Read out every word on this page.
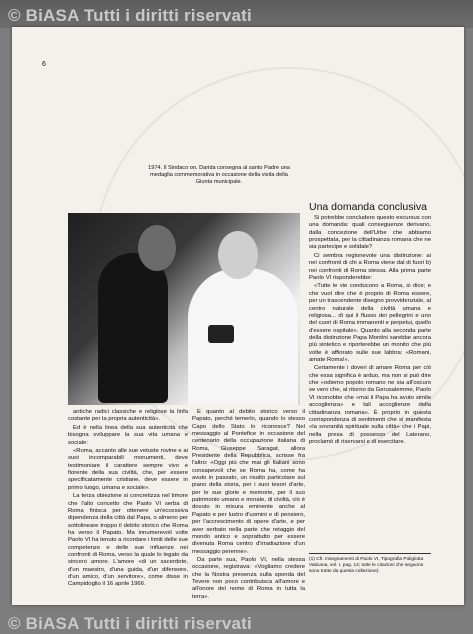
© BiASA Tutti i diritti riservati
6

1974. Il Sindaco on. Darida consegna al santo Padre una medaglia commemorativa in occasione della visita della Giunta municipale.

antiche radici classiche e religiose la linfa costante per la propria autenticità».

Ed è nella linea della sua autenticità che bisogna sviluppare la sua vita umana e sociale:

«Roma, accanto alle sue vetuste rovine e ai suoi incomparabili monumenti, deve testimoniare il carattere sempre vivo e fiorente della sua civiltà, che, per essere specificatamente cristiane, deve essere in primo luogo, umana e sociale».

La terza obiezione si concretizza nel timore che l'alto concetto che Paolo VI serba di Roma finisca per ottenere un'eccessiva dipendenza della città dal Papa, o almeno per sottolineare troppo il debito storico che Roma ha verso il Papato. Ma innumerevoli volte Paolo VI ha tenuto a ricordare i limiti delle sue competenze e delle sue influenze nei confronti di Roma, verso la quale lo legato da sincero amore. L'amore «di un sacerdote, d'un maestro, d'una guida, d'un difensore, d'un amico, d'un servitore», come disse in Campidoglio il 16 aprile 1966.

E quanto al debito storico verso il Papato, perché temerlo, quando lo stesso Capo dello Stato lo riconosce? Nel messaggio al Pontefice in occasione del centenario della occupazione italiana di Roma, Giuseppe Saragat, allora Presidente della Repubblica, scrisse fra l'altro: «Oggi più che mai gli Italiani sono consapevoli che se Roma ha, come ha avuto in passato, un risalto particolare sul piano della storia, per i suoi tesori d'arte, per le sue glorie e memorie, per il suo patrimonio umano e morale, di civiltà, ciò è dovuto in misura eminente anche al Papato e per lustro d'uomini e di pensiero, per l'accrescimento di opere d'arte, e per aver serbato nella parte che retaggio del mondo antico e soprattutto per essere divenuta Roma centro d'irradiazione d'un messaggio perenne».

Da parte sua, Paolo VI, nella stessa occasione, registrava: «Vogliamo credere che la Nostra presenza sulla sponda del Tevere non poco contribuisca all'amore e all'onore del nome di Roma in tutta la terra».

Una domanda conclusiva

Si potrebbe concludere questo excursus con una domanda: quali conseguenze derivano, dalla concezione dell'Urbe che abbiamo prospettata, per la cittadinanza romana che ne sia partecipe e solidale?

Ci sembra regionevole una distinzione: ai nei confronti di chi a Roma viene dal di fuori b) nei confronti di Roma stessa. Alla prima parte Paolo VI risponderebbe:

«Tutte le vie conducono a Roma, si dice; e che vuol dire che è proprio di Roma essere, per un trascendente disegno provvidenziale, al centro naturale della civiltà umana e religiosa... di qui il flusso dei pellegrini e uno del cuori di Roma immanenti e perpetui, quello d'essere ospitale». Quanto alla seconda parte della distinzione Papa Montini sarebbe ancora più sintetico e riporterebbe un monito che più volte è affiorato sulle sue labbra: «Romani, amate Roma!».

Certamente i doveri di amare Roma per ciò che essa significa è arduo, ma non si può dire che «odierno popolo romano ne sia all'oscuro se vero che, al ritorno da Gerusalemme, Paolo VI riconobbe che «mai il Papa ha avuto simile accoglienza» e tali accoglienze della cittadinanza romana». È proprio in questa corrispondenza di sentimenti che si manifesta «la sovranità spirituale sulla città» che i Papi, nella presa di possesso del Laterano, proclamò di riservarsi e di esercitare.

(1) Cfr. Insegnamenti di Paolo VI, Tipografia Poliglotta Vaticana, vol. I, pag. 14; tutte le citazioni che seguono sono tratte da questa collezione).

© BiASA Tutti i diritti riservati
